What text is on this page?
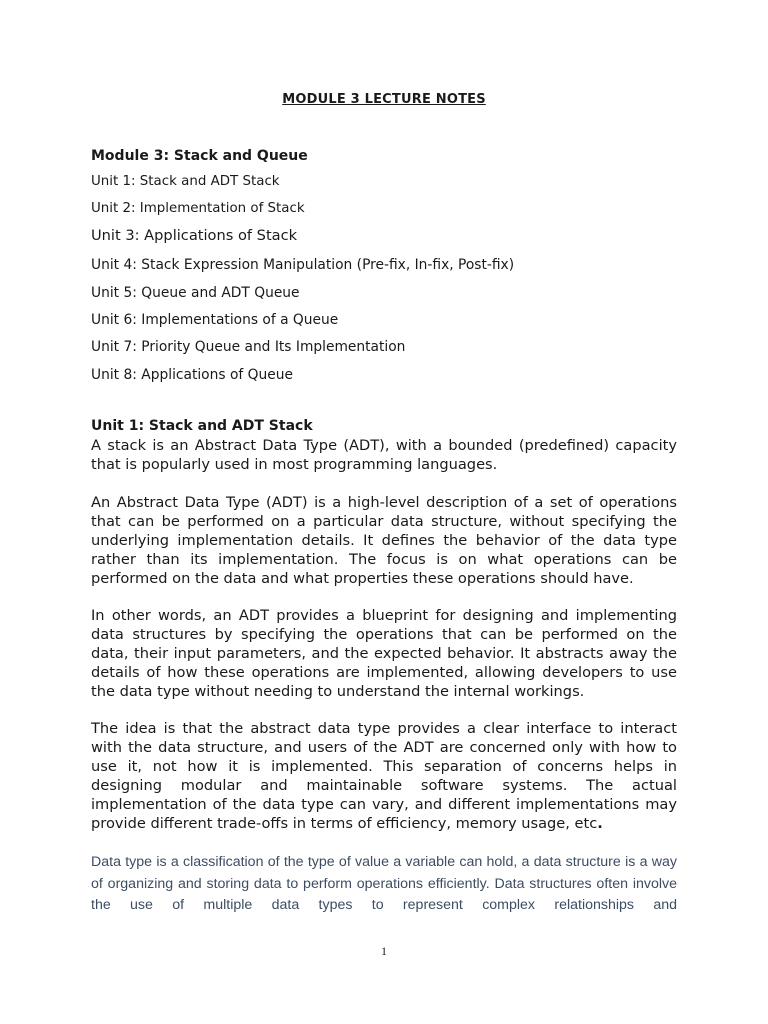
MODULE 3 LECTURE NOTES
Module 3: Stack and Queue
Unit 1: Stack and ADT Stack
Unit 2: Implementation of Stack
Unit 3: Applications of Stack
Unit 4: Stack Expression Manipulation (Pre-fix, In-fix, Post-fix)
Unit 5: Queue and ADT Queue
Unit 6: Implementations of a Queue
Unit 7: Priority Queue and Its Implementation
Unit 8: Applications of Queue
Unit 1: Stack and ADT Stack

A stack is an Abstract Data Type (ADT), with a bounded (predefined) capacity that is popularly used in most programming languages.

An Abstract Data Type (ADT) is a high-level description of a set of operations that can be performed on a particular data structure, without specifying the underlying implementation details. It defines the behavior of the data type rather than its implementation. The focus is on what operations can be performed on the data and what properties these operations should have.

In other words, an ADT provides a blueprint for designing and implementing data structures by specifying the operations that can be performed on the data, their input parameters, and the expected behavior. It abstracts away the details of how these operations are implemented, allowing developers to use the data type without needing to understand the internal workings.

The idea is that the abstract data type provides a clear interface to interact with the data structure, and users of the ADT are concerned only with how to use it, not how it is implemented. This separation of concerns helps in designing modular and maintainable software systems. The actual implementation of the data type can vary, and different implementations may provide different trade-offs in terms of efficiency, memory usage, etc.

Data type is a classification of the type of value a variable can hold, a data structure is a way of organizing and storing data to perform operations efficiently. Data structures often involve the use of multiple data types to represent complex relationships and

1
